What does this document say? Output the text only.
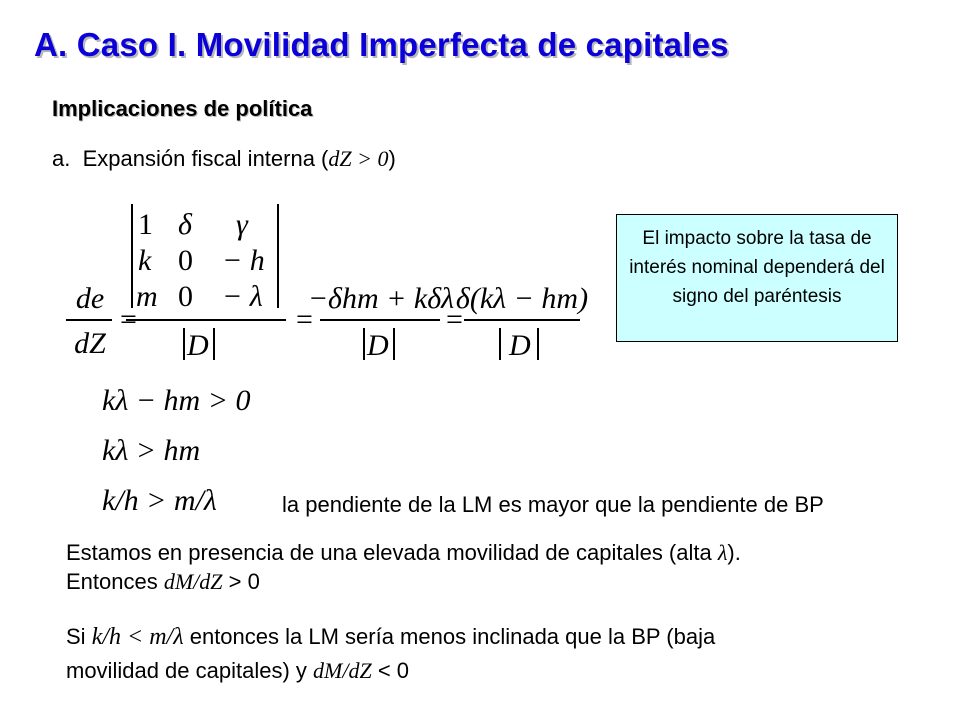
A. Caso I. Movilidad Imperfecta de capitales
Implicaciones de política
a. Expansión fiscal interna (dZ > 0)
de
dZ
=
1 δ γ
k 0 − h
m 0 − λ
D
=
−δhm + kδλ
D
=
δ(kλ − hm)
D
El impacto sobre la tasa de interés nominal dependerá del signo del paréntesis
kλ − hm > 0
kλ > hm
k/h > m/λ	la pendiente de la LM es mayor que la pendiente de BP
Estamos en presencia de una elevada movilidad de capitales (alta λ).
Entonces dM/dZ > 0
Si k/h < m/λ entonces la LM sería menos inclinada que la BP (baja
movilidad de capitales) y dM/dZ < 0
